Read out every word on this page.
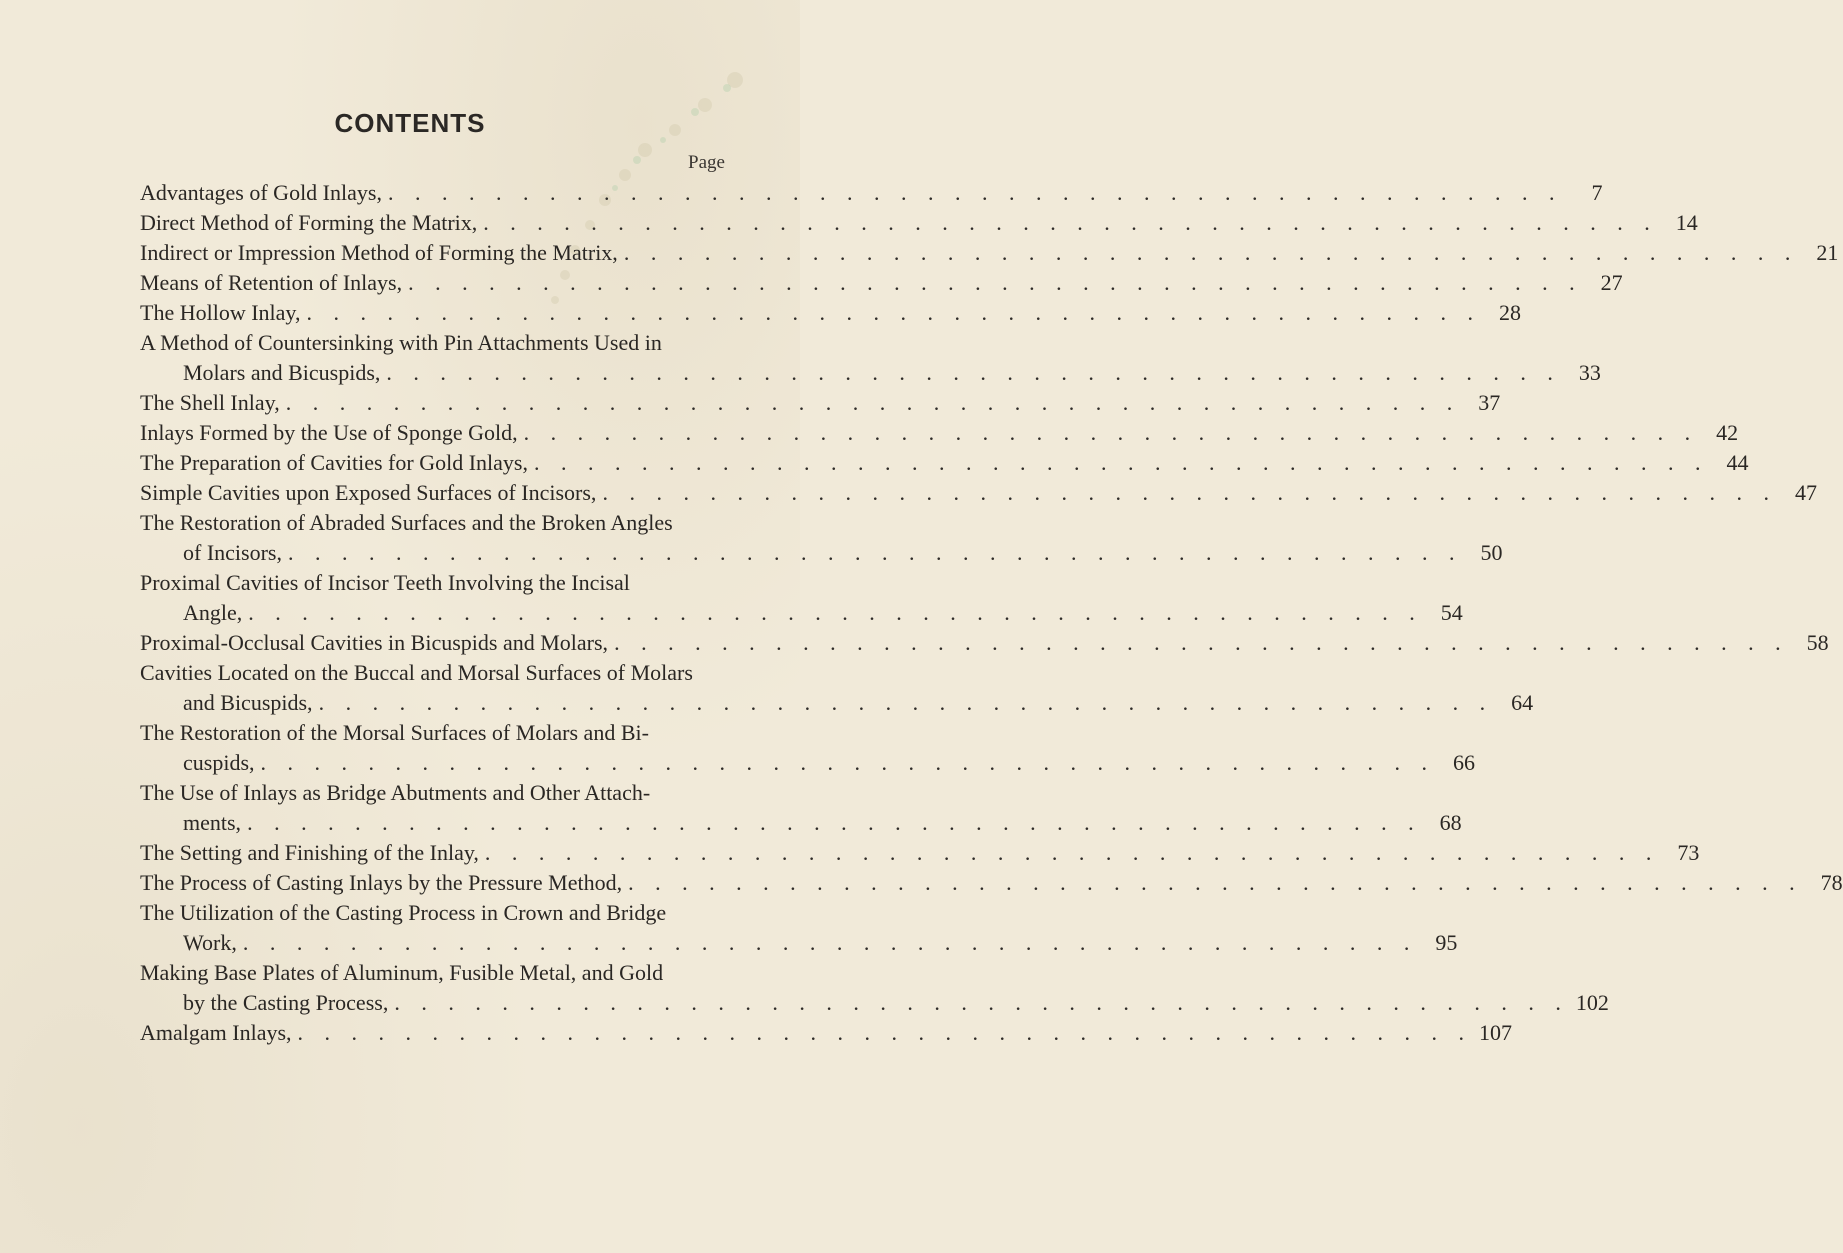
CONTENTS
Page
Advantages of Gold Inlays, . . . . . . . . . . . . . . . . . . . . . . . . . . . . . . . . . . . . . . . . . . . .	7
Direct Method of Forming the Matrix, . . . . . . . . . . . . . . . . . . . . . . . . . . . . . . . . . . . . . . . . . . . . 14
Indirect or Impression Method of Forming the Matrix, . . . . . . . . . . . . . . . . . . . . . . . . . . . . . . . . . . . . . . . . . . . . 21
Means of Retention of Inlays, . . . . . . . . . . . . . . . . . . . . . . . . . . . . . . . . . . . . . . . . . . . . 27
The Hollow Inlay, . . . . . . . . . . . . . . . . . . . . . . . . . . . . . . . . . . . . . . . . . . . . 28
A Method of Countersinking with Pin Attachments Used in
Molars and Bicuspids, . . . . . . . . . . . . . . . . . . . . . . . . . . . . . . . . . . . . . . . . . . . . 33
The Shell Inlay, . . . . . . . . . . . . . . . . . . . . . . . . . . . . . . . . . . . . . . . . . . . . 37
Inlays Formed by the Use of Sponge Gold, . . . . . . . . . . . . . . . . . . . . . . . . . . . . . . . . . . . . . . . . . . . . 42
The Preparation of Cavities for Gold Inlays, . . . . . . . . . . . . . . . . . . . . . . . . . . . . . . . . . . . . . . . . . . . . 44
Simple Cavities upon Exposed Surfaces of Incisors, . . . . . . . . . . . . . . . . . . . . . . . . . . . . . . . . . . . . . . . . . . . . 47
The Restoration of Abraded Surfaces and the Broken Angles
of Incisors, . . . . . . . . . . . . . . . . . . . . . . . . . . . . . . . . . . . . . . . . . . . . 50
Proximal Cavities of Incisor Teeth Involving the Incisal
Angle, . . . . . . . . . . . . . . . . . . . . . . . . . . . . . . . . . . . . . . . . . . . . 54
Proximal-Occlusal Cavities in Bicuspids and Molars, . . . . . . . . . . . . . . . . . . . . . . . . . . . . . . . . . . . . . . . . . . . . 58
Cavities Located on the Buccal and Morsal Surfaces of Molars
and Bicuspids, . . . . . . . . . . . . . . . . . . . . . . . . . . . . . . . . . . . . . . . . . . . . 64
The Restoration of the Morsal Surfaces of Molars and Bi-
cuspids, . . . . . . . . . . . . . . . . . . . . . . . . . . . . . . . . . . . . . . . . . . . . 66
The Use of Inlays as Bridge Abutments and Other Attach-
ments, . . . . . . . . . . . . . . . . . . . . . . . . . . . . . . . . . . . . . . . . . . . . 68
The Setting and Finishing of the Inlay, . . . . . . . . . . . . . . . . . . . . . . . . . . . . . . . . . . . . . . . . . . . . 73
The Process of Casting Inlays by the Pressure Method, . . . . . . . . . . . . . . . . . . . . . . . . . . . . . . . . . . . . . . . . . . . . 78
The Utilization of the Casting Process in Crown and Bridge
Work, . . . . . . . . . . . . . . . . . . . . . . . . . . . . . . . . . . . . . . . . . . . . 95
Making Base Plates of Aluminum, Fusible Metal, and Gold
by the Casting Process, . . . . . . . . . . . . . . . . . . . . . . . . . . . . . . . . . . . . . . . . . . . . 102
Amalgam Inlays, . . . . . . . . . . . . . . . . . . . . . . . . . . . . . . . . . . . . . . . . . . . . 107
